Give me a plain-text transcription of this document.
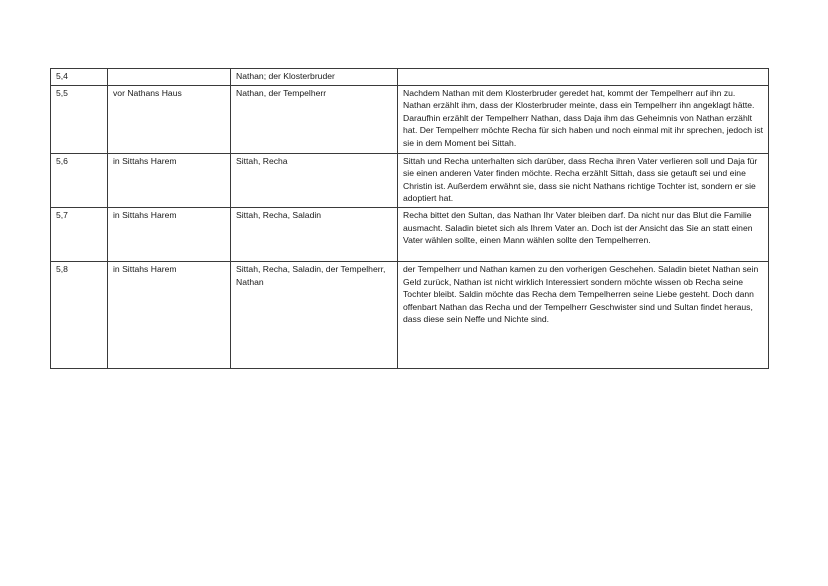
5,4		Nathan; der Klosterbruder	
5,5	vor Nathans Haus	Nathan, der Tempelherr	Nachdem Nathan mit dem Klosterbruder geredet hat, kommt der Tempelherr auf ihn zu. Nathan erzählt ihm, dass der Klosterbruder meinte, dass ein Tempelherr ihn angeklagt hätte. Daraufhin erzählt der Tempelherr Nathan, dass Daja ihm das Geheimnis von Nathan erzählt hat. Der Tempelherr möchte Recha für sich haben und noch einmal mit ihr sprechen, jedoch ist sie in dem Moment bei Sittah.
5,6	in Sittahs Harem	Sittah, Recha	Sittah und Recha unterhalten sich darüber, dass Recha ihren Vater verlieren soll und Daja für sie einen anderen Vater finden möchte. Recha erzählt Sittah, dass sie getauft sei und eine Christin ist. Außerdem erwähnt sie, dass sie nicht Nathans richtige Tochter ist, sondern er sie adoptiert hat.
5,7	in Sittahs Harem	Sittah, Recha, Saladin	Recha bittet den Sultan, das Nathan Ihr Vater bleiben darf. Da nicht nur das Blut die Familie ausmacht. Saladin bietet sich als Ihrem Vater an. Doch ist der Ansicht das Sie an statt einen Vater wählen sollte, einen Mann wählen sollte den Tempelherren.
5,8	in Sittahs Harem	Sittah, Recha, Saladin, der Tempelherr, Nathan	der Tempelherr und Nathan kamen zu den vorherigen Geschehen. Saladin bietet Nathan sein Geld zurück, Nathan ist nicht wirklich Interessiert sondern möchte wissen ob Recha seine Tochter bleibt. Saldin möchte das Recha dem Tempelherren seine Liebe gesteht. Doch dann offenbart Nathan das Recha und der Tempelherr Geschwister sind und Sultan findet heraus, dass diese sein Neffe und Nichte sind.
